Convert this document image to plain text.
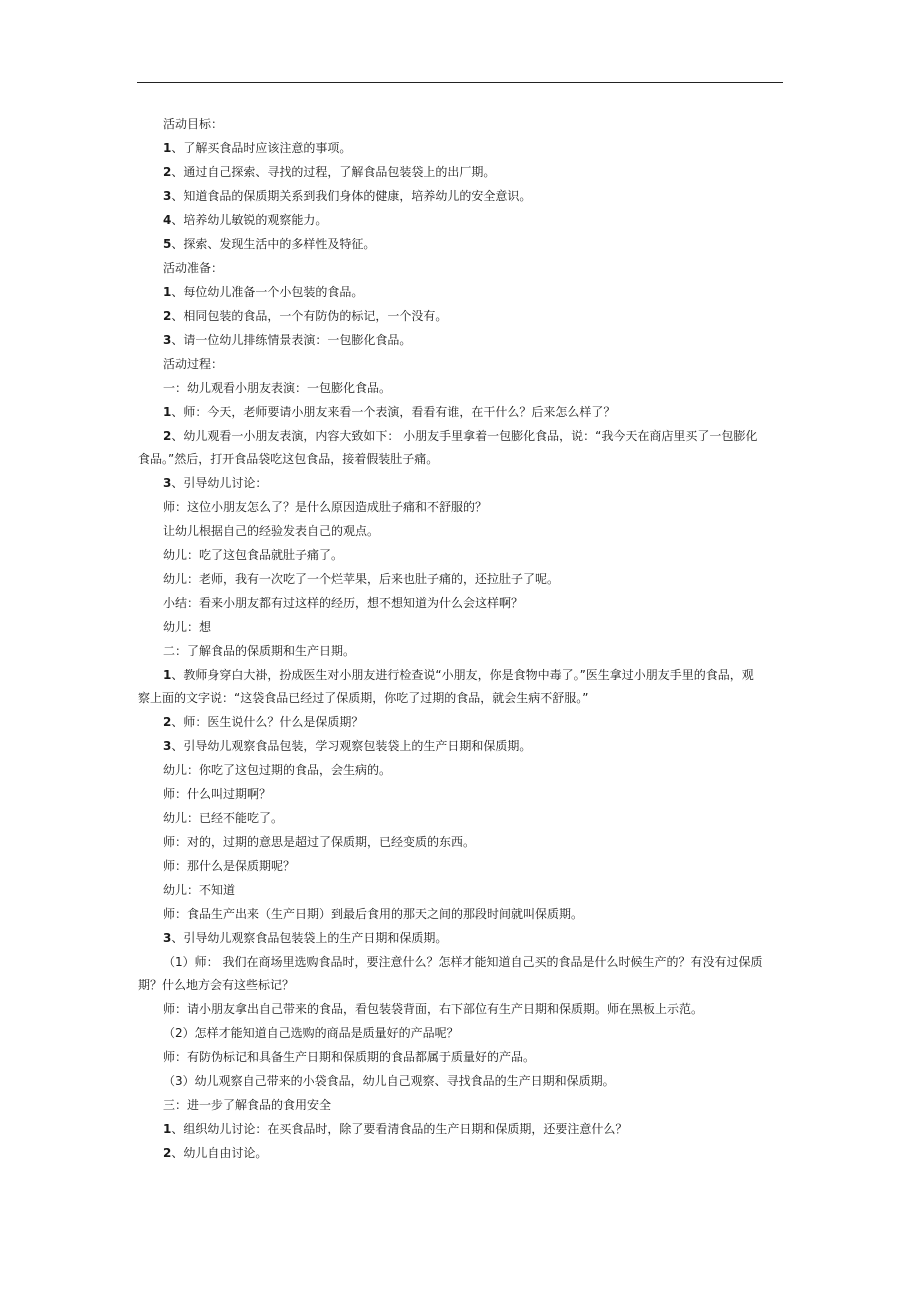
活动目标：
1、了解买食品时应该注意的事项。
2、通过自己探索、寻找的过程，了解食品包装袋上的出厂期。
3、知道食品的保质期关系到我们身体的健康，培养幼儿的安全意识。
4、培养幼儿敏锐的观察能力。
5、探索、发现生活中的多样性及特征。
活动准备：
1、每位幼儿准备一个小包装的食品。
2、相同包装的食品，一个有防伪的标记，一个没有。
3、请一位幼儿排练情景表演：一包膨化食品。
活动过程：
一：幼儿观看小朋友表演：一包膨化食品。
1、师：今天，老师要请小朋友来看一个表演，看看有谁，在干什么？后来怎么样了？
2、幼儿观看一小朋友表演，内容大致如下： 小朋友手里拿着一包膨化食品，说：“我今天在商店里买了一包膨化
食品。”然后，打开食品袋吃这包食品，接着假装肚子痛。
3、引导幼儿讨论：
师：这位小朋友怎么了？是什么原因造成肚子痛和不舒服的？
让幼儿根据自己的经验发表自己的观点。
幼儿：吃了这包食品就肚子痛了。
幼儿：老师，我有一次吃了一个烂苹果，后来也肚子痛的，还拉肚子了呢。
小结：看来小朋友都有过这样的经历，想不想知道为什么会这样啊？
幼儿：想
二：了解食品的保质期和生产日期。
1、教师身穿白大褂，扮成医生对小朋友进行检查说“小朋友，你是食物中毒了。”医生拿过小朋友手里的食品，观
察上面的文字说：“这袋食品已经过了保质期，你吃了过期的食品，就会生病不舒服。”
2、师：医生说什么？什么是保质期？
3、引导幼儿观察食品包装，学习观察包装袋上的生产日期和保质期。
幼儿：你吃了这包过期的食品，会生病的。
师：什么叫过期啊？
幼儿：已经不能吃了。
师：对的，过期的意思是超过了保质期，已经变质的东西。
师：那什么是保质期呢？
幼儿：不知道
师：食品生产出来（生产日期）到最后食用的那天之间的那段时间就叫保质期。
3、引导幼儿观察食品包装袋上的生产日期和保质期。
（1）师： 我们在商场里选购食品时，要注意什么？怎样才能知道自己买的食品是什么时候生产的？有没有过保质
期？什么地方会有这些标记？
师：请小朋友拿出自己带来的食品，看包装袋背面，右下部位有生产日期和保质期。师在黑板上示范。
（2）怎样才能知道自己选购的商品是质量好的产品呢？
师：有防伪标记和具备生产日期和保质期的食品都属于质量好的产品。
（3）幼儿观察自己带来的小袋食品，幼儿自己观察、寻找食品的生产日期和保质期。
三：进一步了解食品的食用安全
1、组织幼儿讨论：在买食品时，除了要看清食品的生产日期和保质期，还要注意什么？
2、幼儿自由讨论。
